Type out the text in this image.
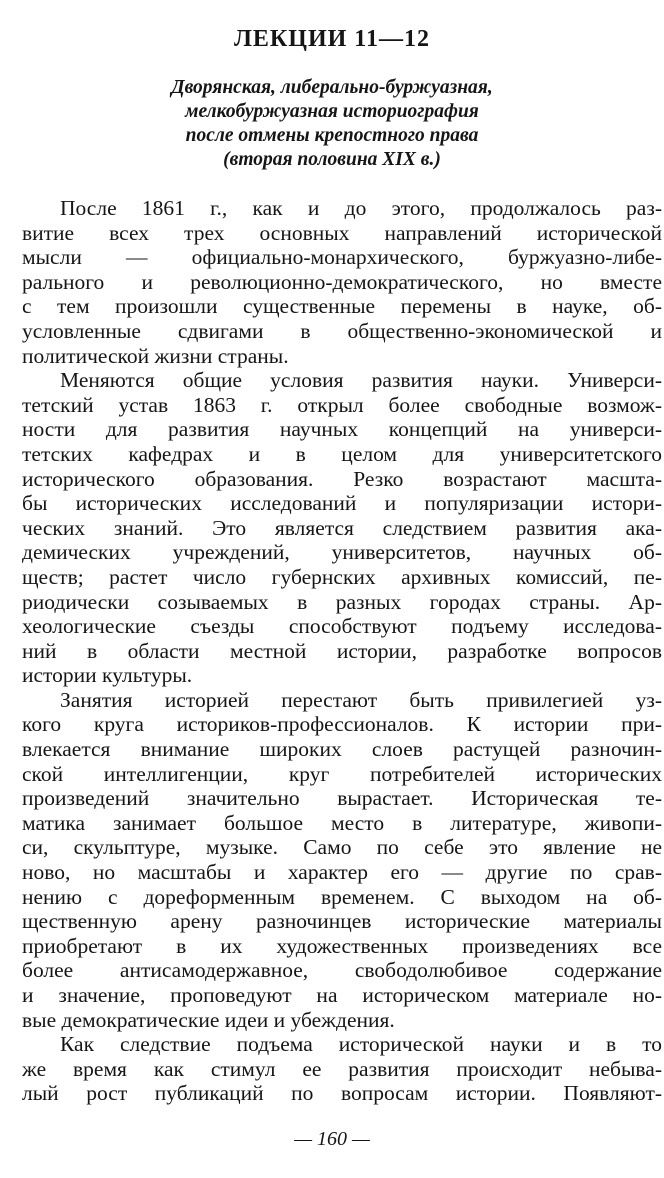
ЛЕКЦИИ 11—12
Дворянская, либерально-буржуазная,
мелкобуржуазная историография
после отмены крепостного права
(вторая половина XIX в.)
После 1861 г., как и до этого, продолжалось раз-
витие всех трех основных направлений исторической
мысли — официально-монархического, буржуазно-либе-
рального и революционно-демократического, но вместе
с тем произошли существенные перемены в науке, об-
условленные сдвигами в общественно-экономической и
политической жизни страны.
Меняются общие условия развития науки. Универси-
тетский устав 1863 г. открыл более свободные возмож-
ности для развития научных концепций на универси-
тетских кафедрах и в целом для университетского
исторического образования. Резко возрастают масшта-
бы исторических исследований и популяризации истори-
ческих знаний. Это является следствием развития ака-
демических учреждений, университетов, научных об-
ществ; растет число губернских архивных комиссий, пе-
риодически созываемых в разных городах страны. Ар-
хеологические съезды способствуют подъему исследова-
ний в области местной истории, разработке вопросов
истории культуры.
Занятия историей перестают быть привилегией уз-
кого круга историков-профессионалов. К истории при-
влекается внимание широких слоев растущей разночин-
ской интеллигенции, круг потребителей исторических
произведений значительно вырастает. Историческая те-
матика занимает большое место в литературе, живопи-
си, скульптуре, музыке. Само по себе это явление не
ново, но масштабы и характер его — другие по срав-
нению с дореформенным временем. С выходом на об-
щественную арену разночинцев исторические материалы
приобретают в их художественных произведениях все
более антисамодержавное, свободолюбивое содержание
и значение, проповедуют на историческом материале но-
вые демократические идеи и убеждения.
Как следствие подъема исторической науки и в то
же время как стимул ее развития происходит небыва-
лый рост публикаций по вопросам истории. Появляют-

— 160 —
